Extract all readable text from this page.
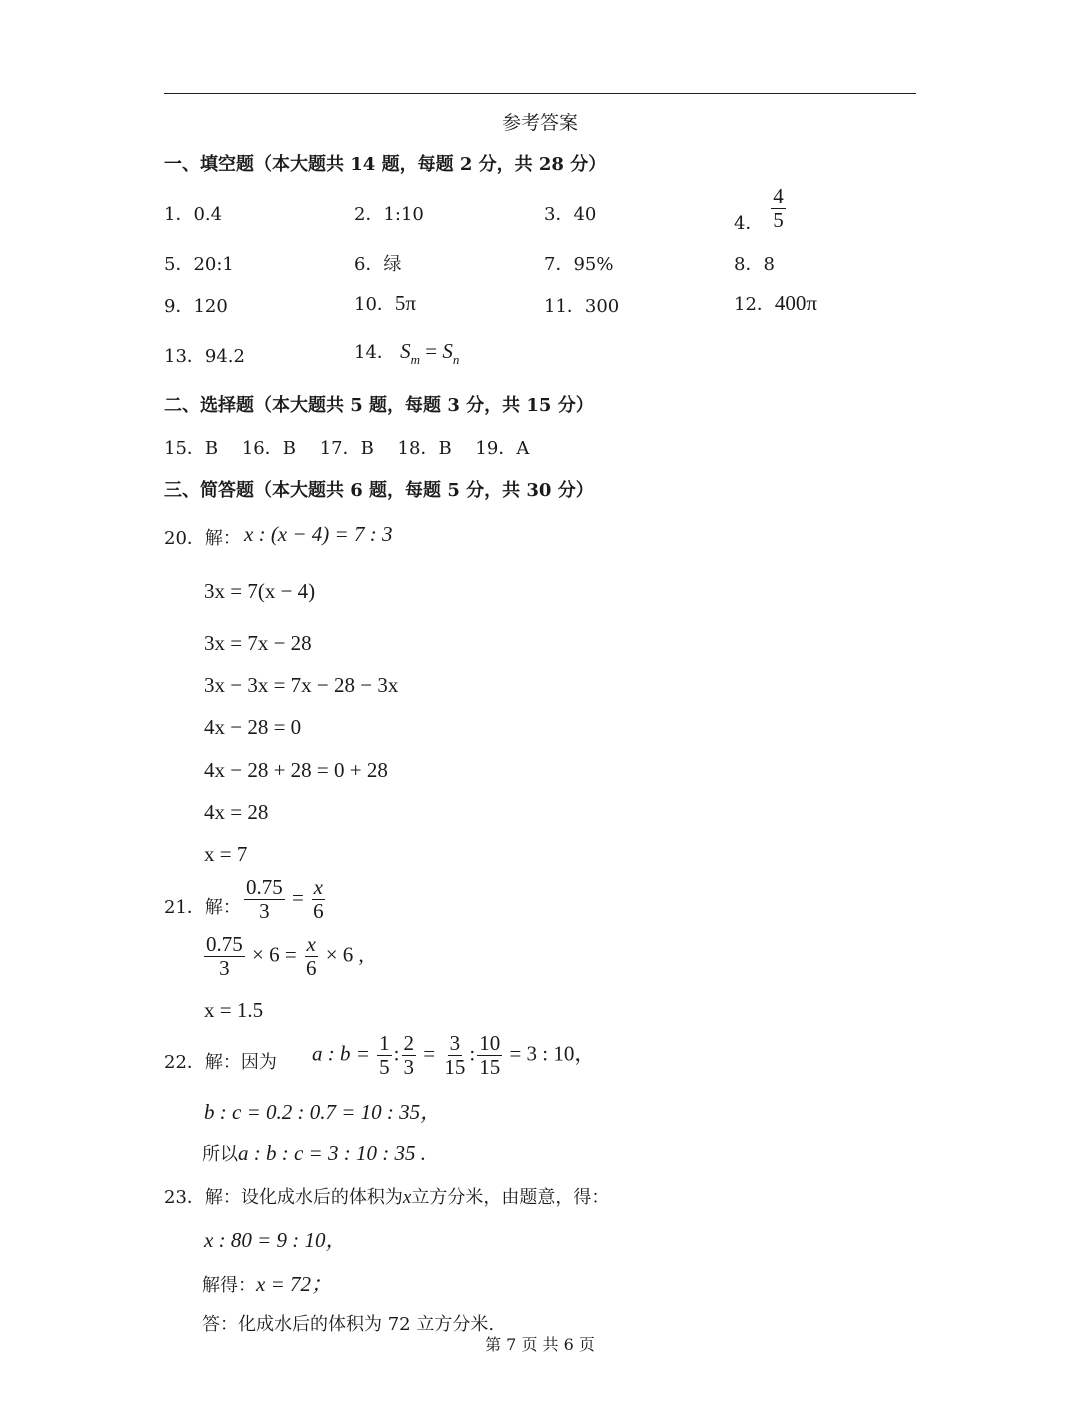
参考答案
一、填空题（本大题共 14 题，每题 2 分，共 28 分）
1．0.4	2．1:10	3．40	4． $\frac{4}{5}$
5．20:1	6．绿	7．95%	8．8
9．120	10．5π	11．300	12．400π
13．94.2	14． $S_m = S_n$
二、选择题（本大题共 5 题，每题 3 分，共 15 分）
15．B　 16．B　 17．B　 18．B　 19．A
三、简答题（本大题共 6 题，每题 5 分，共 30 分）
20．解： x : (x − 4) = 7 : 3
3x = 7(x − 4)
3x = 7x − 28
3x − 3x = 7x − 28 − 3x
4x − 28 = 0
4x − 28 + 28 = 0 + 28
4x = 28
x = 7
21．解： $\frac{0.75}{3} = \frac{x}{6}$
$\frac{0.75}{3} \times 6 = \frac{x}{6} \times 6$ ,
x = 1.5
22．解：因为 a : $b = \frac{1}{5}$ : $\frac{2}{3} = \frac{3}{15}$ : $\frac{10}{15} = 3$ : 10，
b : c = 0.2 : 0.7 = 10 : 35，
所以a : b : c = 3 : 10 : 35 .
23．解：设化成水后的体积为x立方分米，由题意，得：
x : 80 = 9 : 10，
解得：x = 72；
答：化成水后的体积为 72 立方分米.
第 7 页 共 6 页
